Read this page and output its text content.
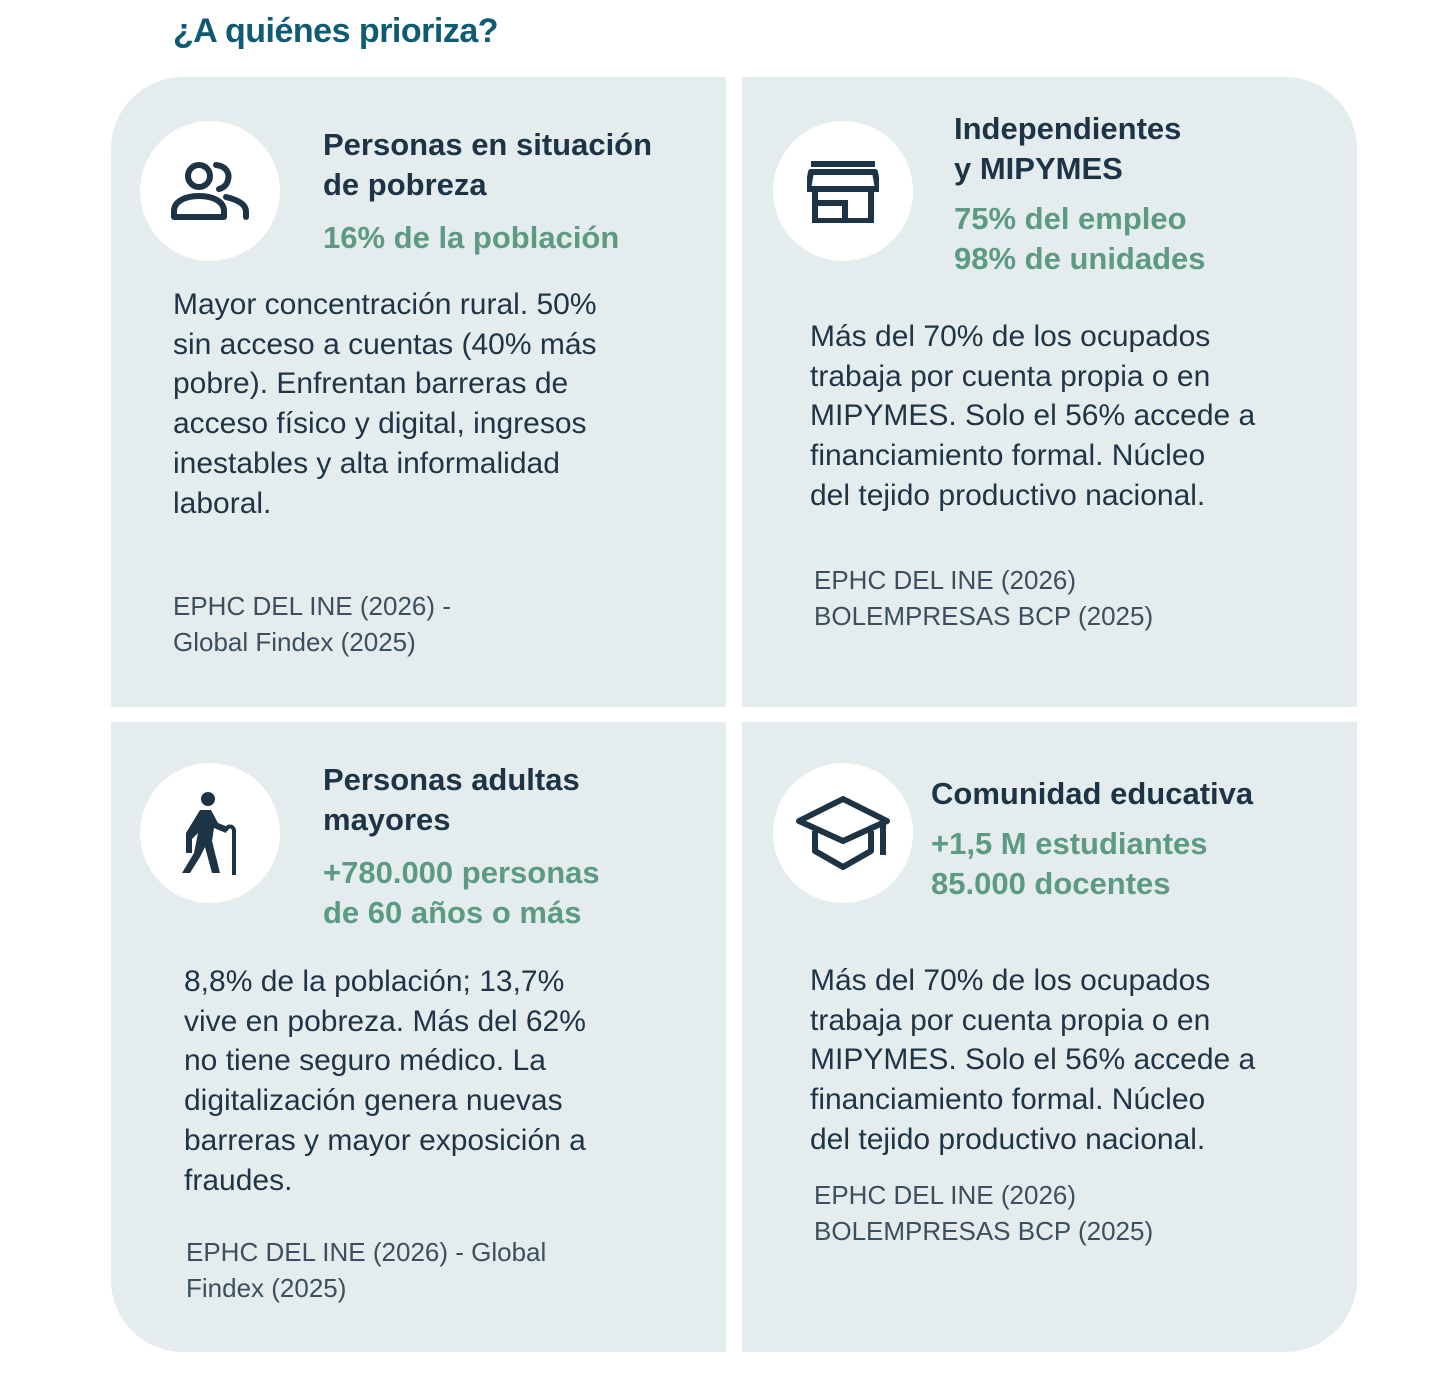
¿A quiénes prioriza?

Personas en situación
de pobreza

16% de la población

Mayor concentración rural. 50%
sin acceso a cuentas (40% más
pobre). Enfrentan barreras de
acceso físico y digital, ingresos
inestables y alta informalidad
laboral.

EPHC DEL INE (2026) -
Global Findex (2025)

Independientes
y MIPYMES

75% del empleo
98% de unidades

Más del 70% de los ocupados
trabaja por cuenta propia o en
MIPYMES. Solo el 56% accede a
financiamiento formal. Núcleo
del tejido productivo nacional.

EPHC DEL INE (2026)
BOLEMPRESAS BCP (2025)

Personas adultas
mayores

+780.000 personas
de 60 años o más

8,8% de la población; 13,7%
vive en pobreza. Más del 62%
no tiene seguro médico. La
digitalización genera nuevas
barreras y mayor exposición a
fraudes.

EPHC DEL INE (2026) - Global
Findex (2025)

Comunidad educativa

+1,5 M estudiantes
85.000 docentes

Más del 70% de los ocupados
trabaja por cuenta propia o en
MIPYMES. Solo el 56% accede a
financiamiento formal. Núcleo
del tejido productivo nacional.

EPHC DEL INE (2026)
BOLEMPRESAS BCP (2025)
